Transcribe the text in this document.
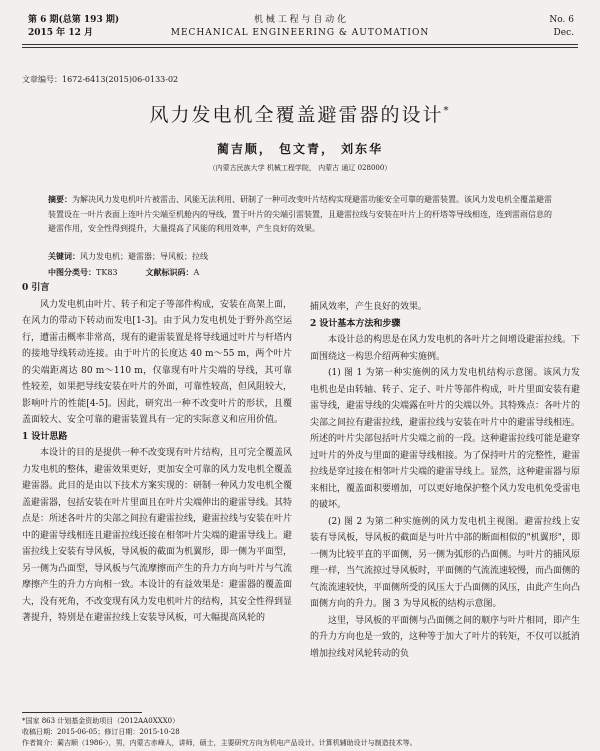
第 6 期(总第 193 期)
2015 年 12 月
机 械 工 程 与 自 动 化
MECHANICAL ENGINEERING & AUTOMATION
No. 6
Dec.
文章编号：1672-6413(2015)06-0133-02
风力发电机全覆盖避雷器的设计*
蔺吉顺， 包文青， 刘东华
（内蒙古民族大学 机械工程学院， 内蒙古 通辽 028000）
摘要：为解决风力发电机叶片被雷击、风能无法利用、研制了一种可改变叶片结构实现避雷功能安全可靠的避雷装置。该风力发电机全覆盖避雷装置设在一叶片表面上连叶片尖端至机舱内的导线，置于叶片的尖端引雷装置，且避雷拉线与安装在叶片上的杆塔等导线相连，连到雷雨信息的避雷作用，安全性得到提升，大量提高了风能的利用效率，产生良好的效果。
关键词：风力发电机；避雷器；导风板；拉线
中图分类号：TK83	文献标识码：A
0 引言

风力发电机由叶片、转子和定子等部件构成，安装在高架上面，在风力的带动下转动而发电[1-3]。由于风力发电机处于野外高空运行，遭雷击概率非常高，现有的避雷装置是将导线通过叶片与杆塔内的接地导线转动连接。由于叶片的长度达 40 m～55 m，两个叶片的尖端距离达 80 m～110 m，仅靠现有叶片尖端的导线，其可靠性较差，如果把导线安装在叶片的外面，可靠性较高，但风阻较大，影响叶片的性能[4-5]。因此，研究出一种不改变叶片的形状，且覆盖面较大、安全可靠的避雷装置具有一定的实际意义和应用价值。

1 设计思路

本设计的目的是提供一种不改变现有叶片结构，且可完全覆盖风力发电机的整体，避雷效果更好，更加安全可靠的风力发电机全覆盖避雷器。此目的是由以下技术方案实现的：研制一种风力发电机全覆盖避雷器，包括安装在叶片里面且在叶片尖端伸出的避雷导线。其特点是：所述各叶片的尖部之间拉有避雷拉线，避雷拉线与安装在叶片中的避雷导线相连且避雷拉线还接在相邻叶片尖端的避雷导线上。避雷拉线上安装有导风板，导风板的截面为机翼形，即一侧为平面型，另一侧为凸面型，导风板与气流摩擦而产生的升力方向与叶片与气流摩擦产生的升力方向相一致。本设计的有益效果是：避雷器的覆盖面大，没有死角，不改变现有风力发电机叶片的结构，其安全性得到显著提升，特别是在避雷拉线上安装导风板，可大幅提高风轮的

捕风效率，产生良好的效果。

2 设计基本方法和步骤

本设计总的构思是在风力发电机的各叶片之间增设避雷拉线。下面围绕这一构思介绍两种实施例。

(1) 图 1 为第一种实施例的风力发电机结构示意图。该风力发电机也是由转轴、转子、定子、叶片等部件构成，叶片里面安装有避雷导线，避雷导线的尖端露在叶片的尖端以外。其特殊点：各叶片的尖部之间拉有避雷拉线，避雷拉线与安装在叶片中的避雷导线相连。所述的叶片尖部包括叶片尖端之前的一段。这种避雷拉线可能是避穿过叶片的外皮与里面的避雷导线相接。为了保持叶片的完整性，避雷拉线是穿过接在相邻叶片尖端的避雷导线上。显然，这种避雷器与原来相比，覆盖面积要增加，可以更好地保护整个风力发电机免受雷电的破坏。

(2) 图 2 为第二种实施例的风力发电机主视图。避雷拉线上安装有导风板，导风板的截面是与叶片中部的断面相似的"机翼形"，即一侧为比较平直的平面侧，另一侧为弧形的凸面侧。与叶片的捕风原理一样，当气流掠过导风板时，平面侧的气流流速较慢，而凸面侧的气流流速较快，平面侧所受的风压大于凸面侧的风压，由此产生向凸面侧方向的升力。图 3 为导风板的结构示意图。

这里，导风板的平面侧与凸面侧之间的顺序与叶片相同，即产生的升力方向也是一致的，这种等于加大了叶片的转矩，不仅可以抵消增加拉线对风轮转动的负

*国家 863 计划基金资助项目（2012AA0XXX0）
收稿日期：2015-06-05；修订日期：2015-10-28
作者简介：蔺吉顺（1986-），男，内蒙古赤峰人，讲师，硕士，主要研究方向为机电产品设计。计算机辅助设计与制造技术等。
